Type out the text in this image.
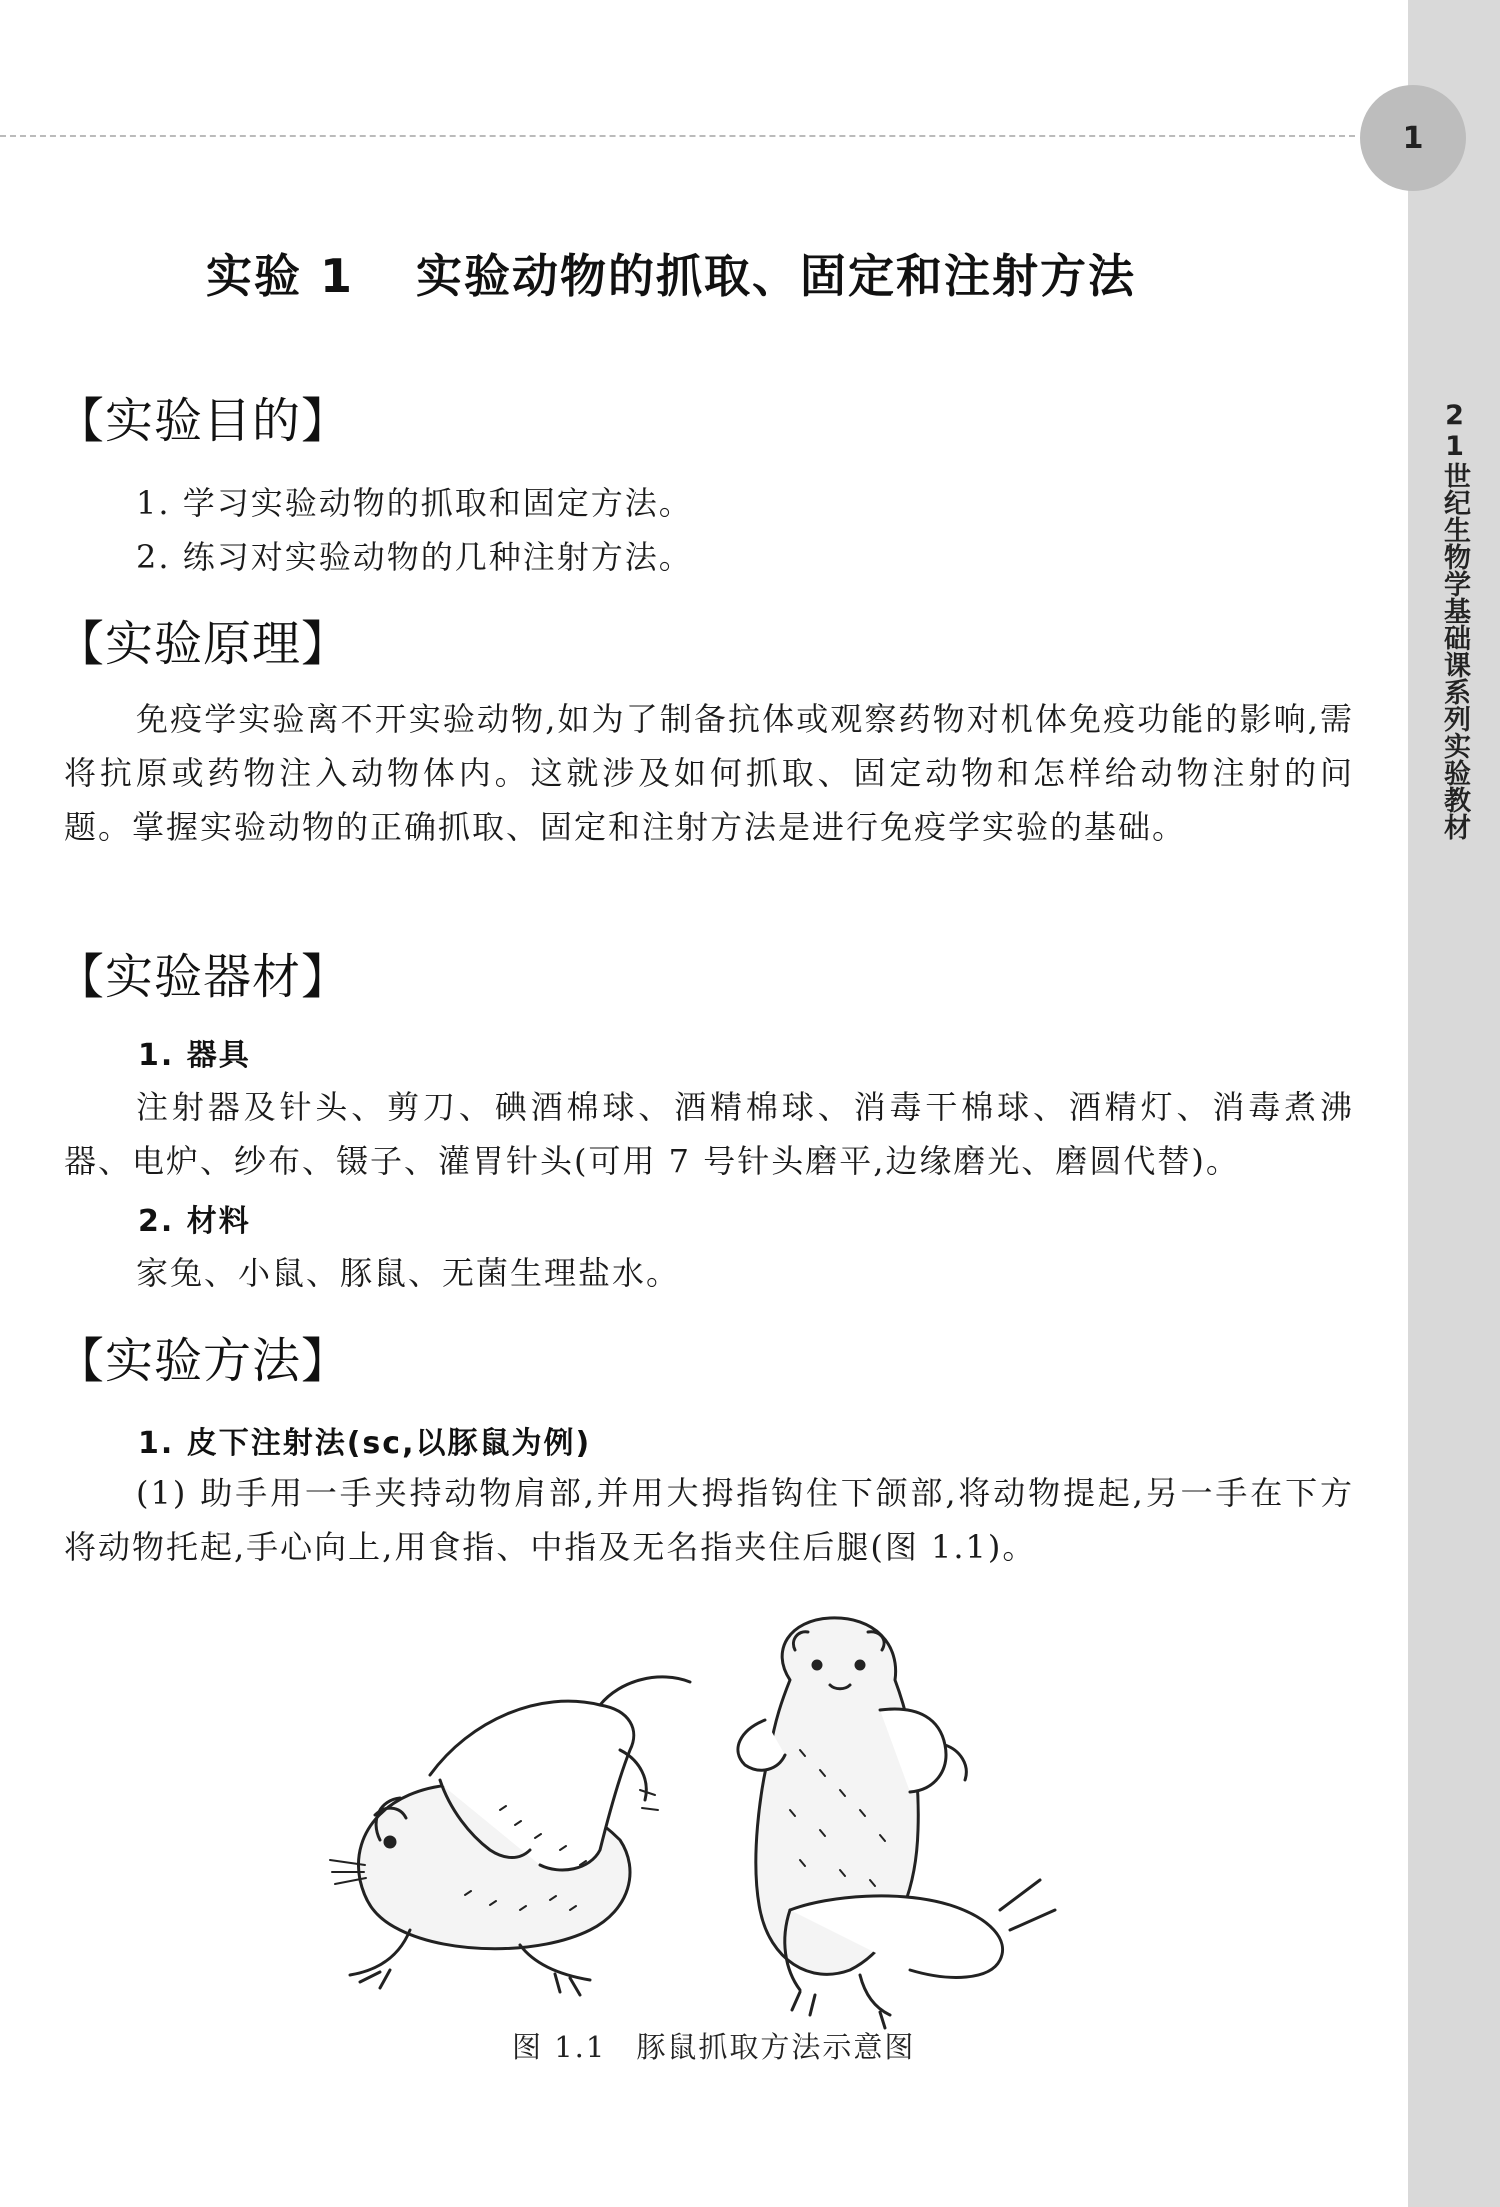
1
21世纪生物学基础课系列实验教材
实验 1 实验动物的抓取、固定和注射方法
【实验目的】
1. 学习实验动物的抓取和固定方法。
2. 练习对实验动物的几种注射方法。
【实验原理】
免疫学实验离不开实验动物,如为了制备抗体或观察药物对机体免疫功能的影响,需将抗原或药物注入动物体内。这就涉及如何抓取、固定动物和怎样给动物注射的问题。掌握实验动物的正确抓取、固定和注射方法是进行免疫学实验的基础。
【实验器材】
1. 器具
注射器及针头、剪刀、碘酒棉球、酒精棉球、消毒干棉球、酒精灯、消毒煮沸器、电炉、纱布、镊子、灌胃针头(可用 7 号针头磨平,边缘磨光、磨圆代替)。
2. 材料
家兔、小鼠、豚鼠、无菌生理盐水。
【实验方法】
1. 皮下注射法(sc,以豚鼠为例)
(1) 助手用一手夹持动物肩部,并用大拇指钩住下颌部,将动物提起,另一手在下方将动物托起,手心向上,用食指、中指及无名指夹住后腿(图 1.1)。
图 1.1 豚鼠抓取方法示意图
